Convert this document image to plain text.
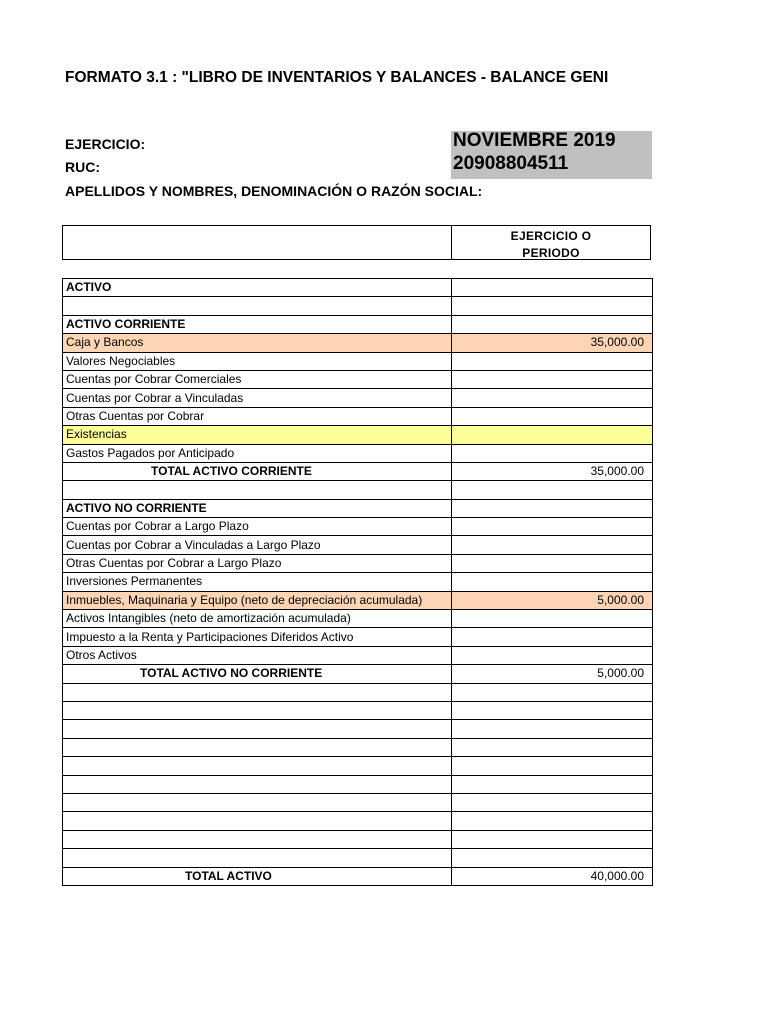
FORMATO 3.1 : "LIBRO DE INVENTARIOS Y BALANCES - BALANCE GENI
EJERCICIO:
RUC:
APELLIDOS Y NOMBRES, DENOMINACIÓN O RAZÓN SOCIAL:
NOVIEMBRE 2019
20908804511
EJERCICIO O
PERIODO
ACTIVO	

ACTIVO CORRIENTE	
Caja y Bancos	35,000.00
Valores Negociables	
Cuentas por Cobrar Comerciales	
Cuentas por Cobrar a Vinculadas	
Otras Cuentas por Cobrar	
Existencias	
Gastos Pagados por Anticipado	
TOTAL ACTIVO CORRIENTE	35,000.00

ACTIVO NO CORRIENTE	
Cuentas por Cobrar a Largo Plazo	
Cuentas por Cobrar a Vinculadas a Largo Plazo	
Otras Cuentas por Cobrar a Largo Plazo	
Inversiones Permanentes	
Inmuebles, Maquinaria y Equipo (neto de depreciación acumulada)	5,000.00
Activos Intangibles (neto de amortización acumulada)	
Impuesto a la Renta y Participaciones Diferidos Activo	
Otros Activos	
TOTAL ACTIVO NO CORRIENTE	5,000.00

TOTAL ACTIVO	40,000.00
